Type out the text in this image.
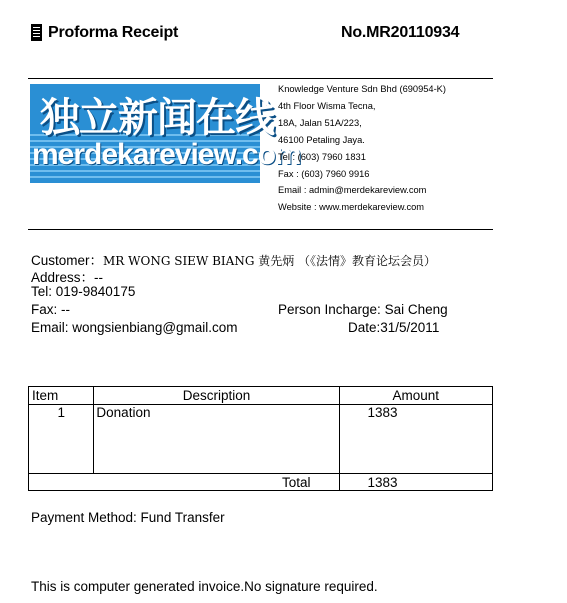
Proforma Receipt	No.MR20110934
独立新闻在线
merdekareview.com
Knowledge Venture Sdn Bhd (690954-K)
4th Floor Wisma Tecna,
18A, Jalan 51A/223,
46100 Petaling Jaya.
Tel : (603) 7960 1831
Fax : (603) 7960 9916
Email : admin@merdekareview.com
Website : www.merdekareview.com
Customer：MR WONG SIEW BIANG 黄先炳 （《法情》教育论坛会员）
Address：--
Tel: 019-9840175
Fax: --	Person Incharge: Sai Cheng
Email: wongsienbiang@gmail.com	Date:31/5/2011
Item	Description	Amount
1	Donation	1383
	Total	1383
Payment Method: Fund Transfer
This is computer generated invoice.No signature required.
